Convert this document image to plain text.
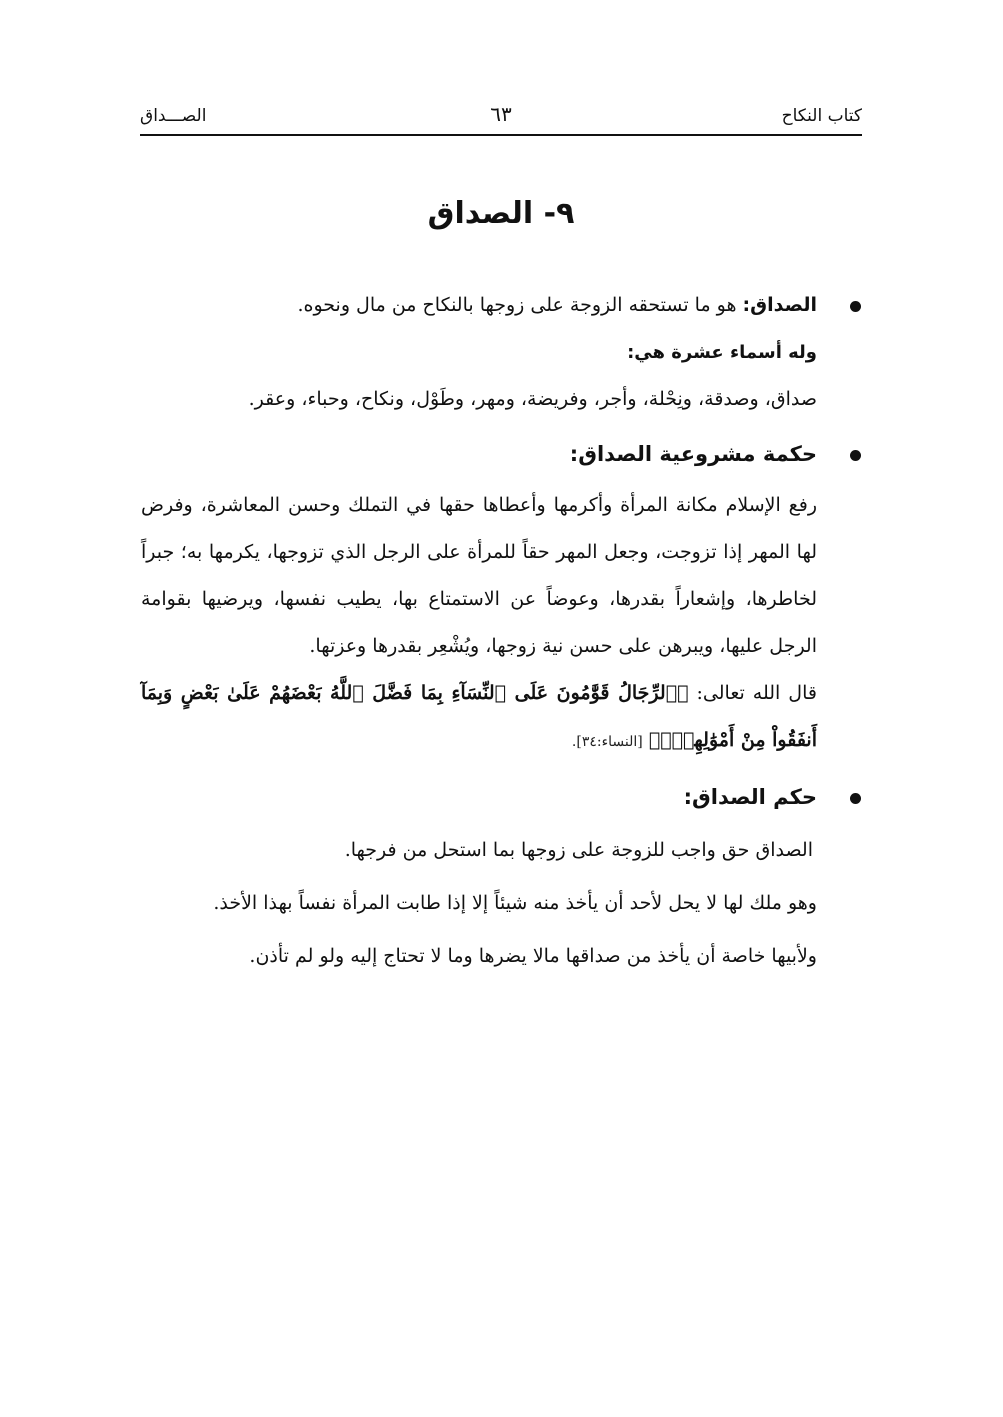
كتاب النكاح
٦٣
الصـــداق
٩- الصداق

الصداق: هو ما تستحقه الزوجة على زوجها بالنكاح من مال ونحوه.

وله أسماء عشرة هي:

صداق، وصدقة، ونِحْلة، وأجر، وفريضة، ومهر، وطَوْل، ونكاح، وحباء، وعقر.

حكمة مشروعية الصداق:

رفع الإسلام مكانة المرأة وأكرمها وأعطاها حقها في التملك وحسن المعاشرة، وفرض لها المهر إذا تزوجت، وجعل المهر حقاً للمرأة على الرجل الذي تزوجها، يكرمها به؛ جبراً لخاطرها، وإشعاراً بقدرها، وعوضاً عن الاستمتاع بها، يطيب نفسها، ويرضيها بقوامة الرجل عليها، ويبرهن على حسن نية زوجها، ويُشْعِر بقدرها وعزتها.

قال الله تعالى: ﴿ٱلرِّجَالُ قَوَّٰمُونَ عَلَى ٱلنِّسَآءِ بِمَا فَضَّلَ ٱللَّهُ بَعْضَهُمْ عَلَىٰ بَعْضٍ وَبِمَآ أَنفَقُواْ مِنْ أَمْوَٰلِهِمْۚ﴾ [النساء:٣٤].

حكم الصداق:

الصداق حق واجب للزوجة على زوجها بما استحل من فرجها.

وهو ملك لها لا يحل لأحد أن يأخذ منه شيئاً إلا إذا طابت المرأة نفساً بهذا الأخذ.

ولأبيها خاصة أن يأخذ من صداقها مالا يضرها وما لا تحتاج إليه ولو لم تأذن.
